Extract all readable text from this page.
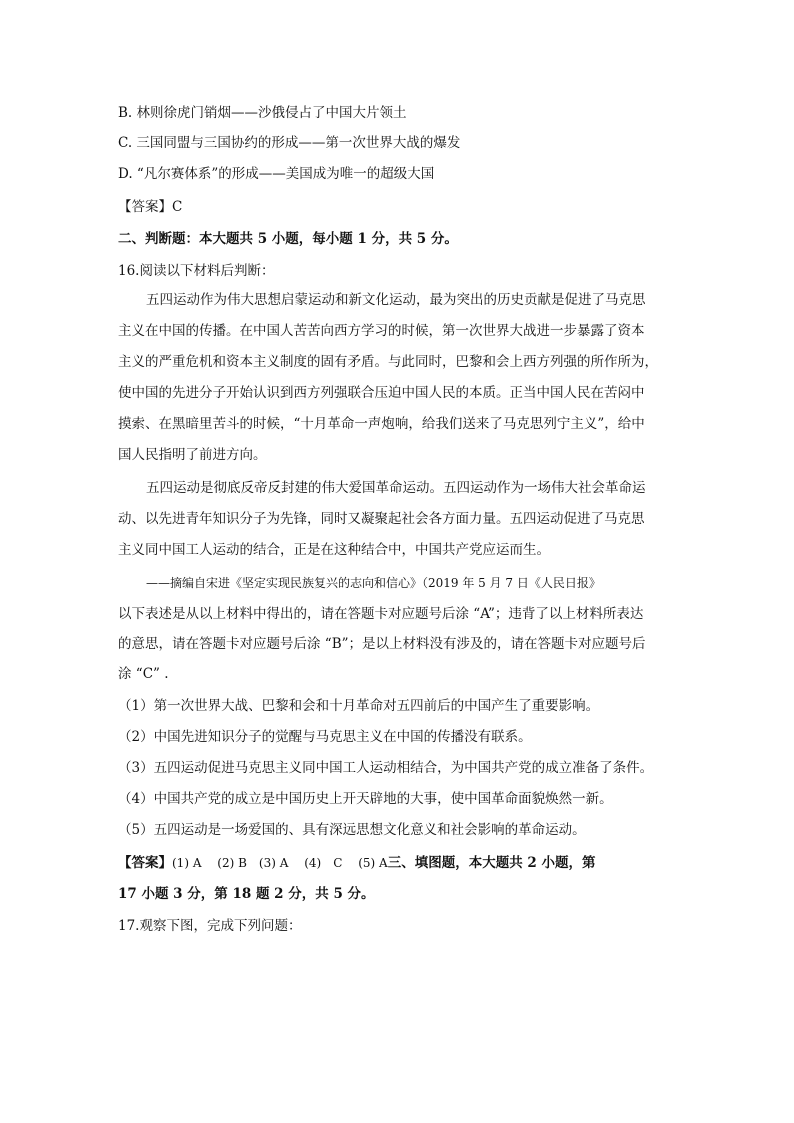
B. 林则徐虎门销烟——沙俄侵占了中国大片领土
C. 三国同盟与三国协约的形成——第一次世界大战的爆发
D. “凡尔赛体系”的形成——美国成为唯一的超级大国
【答案】C
二、判断题：本大题共 5 小题，每小题 1 分，共 5 分。
16.阅读以下材料后判断：
五四运动作为伟大思想启蒙运动和新文化运动，最为突出的历史贡献是促进了马克思
主义在中国的传播。在中国人苦苦向西方学习的时候，第一次世界大战进一步暴露了资本
主义的严重危机和资本主义制度的固有矛盾。与此同时，巴黎和会上西方列强的所作所为，
使中国的先进分子开始认识到西方列强联合压迫中国人民的本质。正当中国人民在苦闷中
摸索、在黑暗里苦斗的时候，“十月革命一声炮响，给我们送来了马克思列宁主义”，给中
国人民指明了前进方向。
五四运动是彻底反帝反封建的伟大爱国革命运动。五四运动作为一场伟大社会革命运
动、以先进青年知识分子为先锋，同时又凝聚起社会各方面力量。五四运动促进了马克思
主义同中国工人运动的结合，正是在这种结合中，中国共产党应运而生。
——摘编自宋进《坚定实现民族复兴的志向和信心》（2019 年 5 月 7 日《人民日报》
以下表述是从以上材料中得出的，请在答题卡对应题号后涂 “A”；违背了以上材料所表达
的意思，请在答题卡对应题号后涂 “B”；是以上材料没有涉及的，请在答题卡对应题号后
涂 “C” .
（1）第一次世界大战、巴黎和会和十月革命对五四前后的中国产生了重要影响。
（2）中国先进知识分子的觉醒与马克思主义在中国的传播没有联系。
（3）五四运动促进马克思主义同中国工人运动相结合，为中国共产党的成立准备了条件。
（4）中国共产党的成立是中国历史上开天辟地的大事，使中国革命面貌焕然一新。
（5）五四运动是一场爱国的、具有深远思想文化意义和社会影响的革命运动。
【答案】(1) A　 (2) B　(3) A　 (4)　C　 (5) A三、填图题，本大题共 2 小题，第
17 小题 3 分，第 18 题 2 分，共 5 分。
17.观察下图，完成下列问题：
